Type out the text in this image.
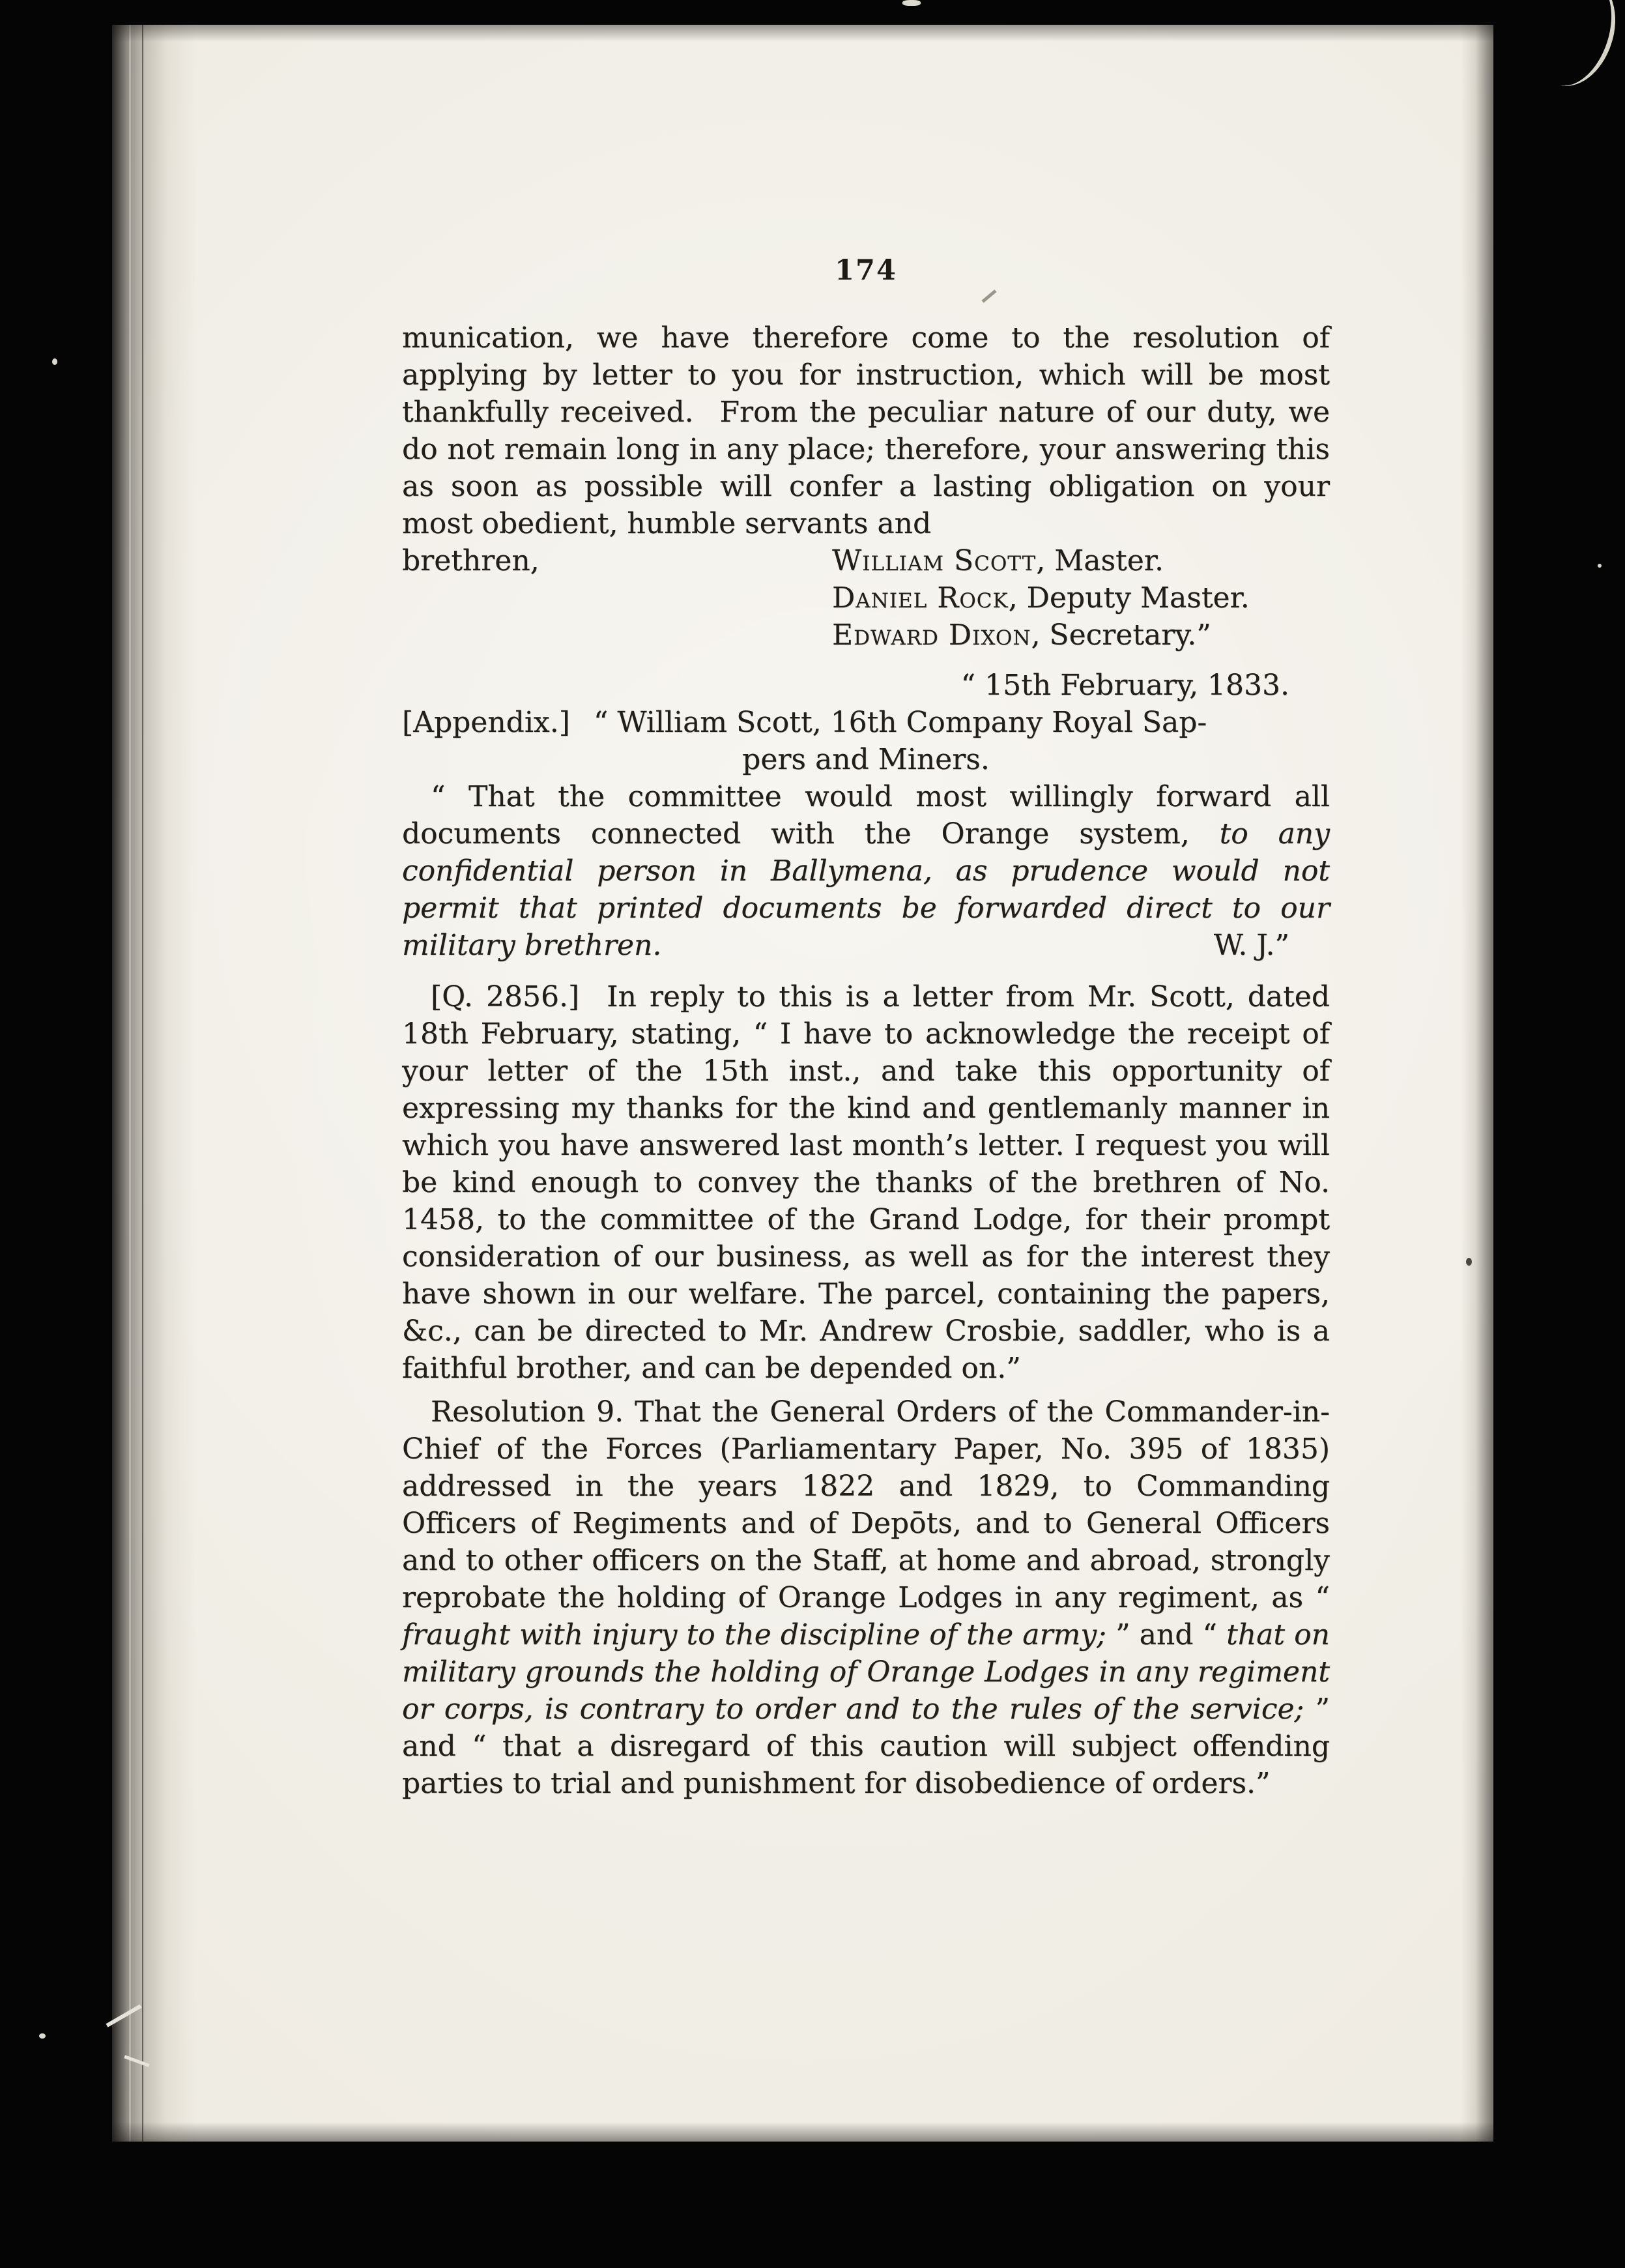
174

munication, we have therefore come to the resolution of applying by letter to you for instruction, which will be most thankfully received.  From the peculiar nature of our duty, we do not remain long in any place; therefore, your answering this as soon as possible will confer a lasting obligation on your most obedient, humble servants and

brethren,	William Scott, Master.
Daniel Rock, Deputy Master.
Edward Dixon, Secretary.”

“ 15th February, 1833.

[Appendix.]  “ William Scott, 16th Company Royal Sap-

pers and Miners.

W. J.”
“ That the committee would most willingly forward all documents connected with the Orange system, to any confidential person in Ballymena, as prudence would not permit that printed documents be forwarded direct to our military brethren.

[Q. 2856.]  In reply to this is a letter from Mr. Scott, dated 18th February, stating, “ I have to acknowledge the receipt of your letter of the 15th inst., and take this opportunity of expressing my thanks for the kind and gentlemanly manner in which you have answered last month’s letter. I request you will be kind enough to convey the thanks of the brethren of No. 1458, to the committee of the Grand Lodge, for their prompt consideration of our business, as well as for the interest they have shown in our welfare. The parcel, containing the papers, &c., can be directed to Mr. Andrew Crosbie, saddler, who is a faithful brother, and can be depended on.”

Resolution 9. That the General Orders of the Commander-in-Chief of the Forces (Parliamentary Paper, No. 395 of 1835) addressed in the years 1822 and 1829, to Commanding Officers of Regiments and of Depōts, and to General Officers and to other officers on the Staff, at home and abroad, strongly reprobate the holding of Orange Lodges in any regiment, as “ fraught with injury to the discipline of the army; ” and “ that on military grounds the holding of Orange Lodges in any regiment or corps, is contrary to order and to the rules of the service; ” and “ that a disregard of this caution will subject offending parties to trial and punishment for disobedience of orders.”
